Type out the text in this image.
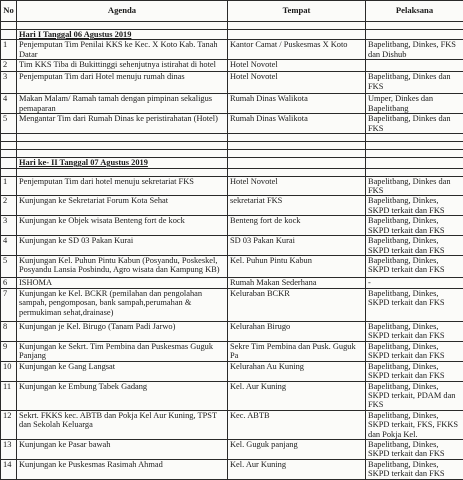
No	Agenda	Tempat	Pelaksana

	Hari I Tanggal 06 Agustus 2019		
1	Penjemputan Tim Penilai KKS ke Kec. X Koto Kab. Tanah Datar	Kantor Camat / Puskesmas X Koto	Bapelitbang, Dinkes, FKS dan Dishub
2	Tim KKS Tiba di Bukittinggi sehenjutnya istirahat di hotel	Hotel Novotel	
3	Penjemputan Tim dari Hotel menuju rumah dinas	Hotel Novotel	Bapelitbang, Dinkes dan FKS
4	Makan Malam/ Ramah tamah dengan pimpinan sekaligus pemaparan	Rumah Dinas Walikota	Umper, Dinkes dan Bapelitbang
5	Mengantar Tim dari Rumah Dinas ke peristirahatan (Hotel)	Rumah Dinas Walikota	Bapelitbang, Dinkes dan FKS

	Hari ke- II Tanggal 07 Agustus 2019		

1	Penjemputan Tim dari hotel menuju sekretariat FKS	Hotel Novotel	Bapelitbang, Dinkes dan FKS
2	Kunjungan ke Sekretariat Forum Kota Sehat	sekretariat FKS	Bapelitbang, Dinkes, SKPD terkait dan FKS
3	Kunjungan ke Objek wisata Benteng fort de kock	Benteng fort de kock	Bapelitbang, Dinkes, SKPD terkait dan FKS
4	Kunjungan ke SD 03 Pakan Kurai	SD 03 Pakan Kurai	Bapelitbang, Dinkes, SKPD terkait dan FKS
5	Kunjungan Kel. Puhun Pintu Kabun (Posyandu, Poskeskel, Posyandu Lansia Posbindu, Agro wisata dan Kampung KB)	Kel. Puhun Pintu Kabun	Bapelitbang, Dinkes, SKPD terkait dan FKS
6	ISHOMA	Rumah Makan Sederhana	-
7	Kunjungan ke Kel. BCKR (pemilahan dan pengolahan sampah, pengomposan, bank sampah,perumahan & permukiman sehat,drainase)	Keluraban BCKR	Bapelitbang, Dinkes, SKPD terkait dan FKS
8	Kunjungan je Kel. Birugo (Tanam Padi Jarwo)	Kelurahan Birugo	Bapelitbang, Dinkes, SKPD terkait dan FKS
9	Kunjungan ke Sekrt. Tim Pembina dan Puskesmas Guguk Panjang	Sekre Tim Pembina dan Pusk. Guguk Pa	Bapelitbang, Dinkes, SKPD terkait dan FKS
10	Kunjungan ke Gang Langsat	Kelurahan Au Kuning	Bapelitbang, Dinkes, SKPD terkait dan FKS
11	Kunjungan ke Embung Tabek Gadang	Kel. Aur Kuning	Bapelitbang, Dinkes, SKPD terkait, PDAM dan FKS
12	Sekrt. FKKS kec. ABTB dan Pokja Kel Aur Kuning, TPST dan Sekolah Keluarga	Kec. ABTB	Bapelitbang, Dinkes, SKPD terkait, FKS, FKKS dan Pokja Kel.
13	Kunjungan ke Pasar bawah	Kel. Guguk panjang	Bapelitbang, Dinkes, SKPD terkait dan FKS
14	Kunjungan ke Puskesmas Rasimah Ahmad	Kel. Aur Kuning	Bapelitbang, Dinkes, SKPD terkait dan FKS
